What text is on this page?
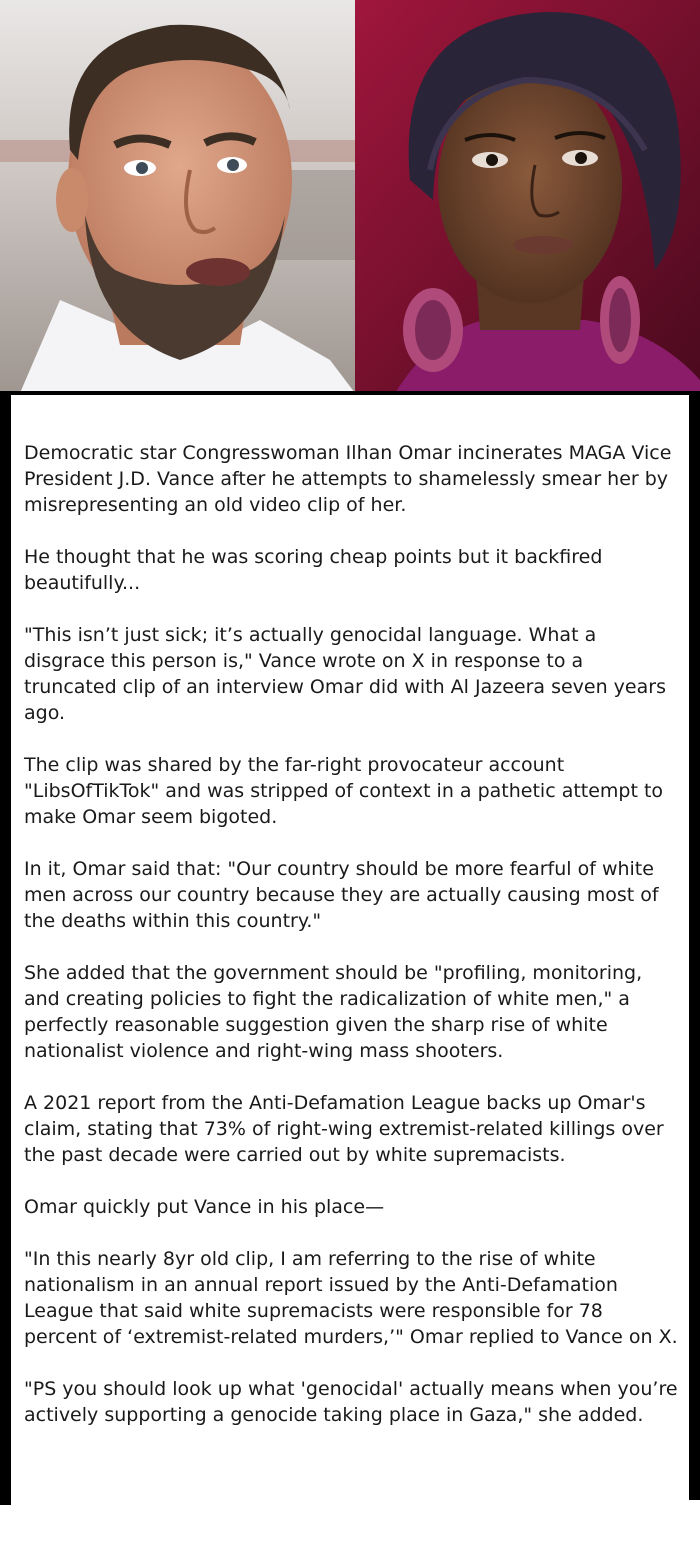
Democratic star Congresswoman Ilhan Omar incinerates MAGA Vice President J.D. Vance after he attempts to shamelessly smear her by misrepresenting an old video clip of her.

He thought that he was scoring cheap points but it backfired beautifully...

"This isn’t just sick; it’s actually genocidal language. What a disgrace this person is," Vance wrote on X in response to a truncated clip of an interview Omar did with Al Jazeera seven years ago.

The clip was shared by the far-right provocateur account "LibsOfTikTok" and was stripped of context in a pathetic attempt to make Omar seem bigoted.

In it, Omar said that: "Our country should be more fearful of white men across our country because they are actually causing most of the deaths within this country."

She added that the government should be "profiling, monitoring, and creating policies to fight the radicalization of white men," a perfectly reasonable suggestion given the sharp rise of white nationalist violence and right-wing mass shooters.

A 2021 report from the Anti-Defamation League backs up Omar's claim, stating that 73% of right-wing extremist-related killings over the past decade were carried out by white supremacists.

Omar quickly put Vance in his place—

"In this nearly 8yr old clip, I am referring to the rise of white nationalism in an annual report issued by the Anti-Defamation League that said white supremacists were responsible for 78 percent of ‘extremist-related murders,’" Omar replied to Vance on X.

"PS you should look up what 'genocidal' actually means when you’re actively supporting a genocide taking place in Gaza," she added.
